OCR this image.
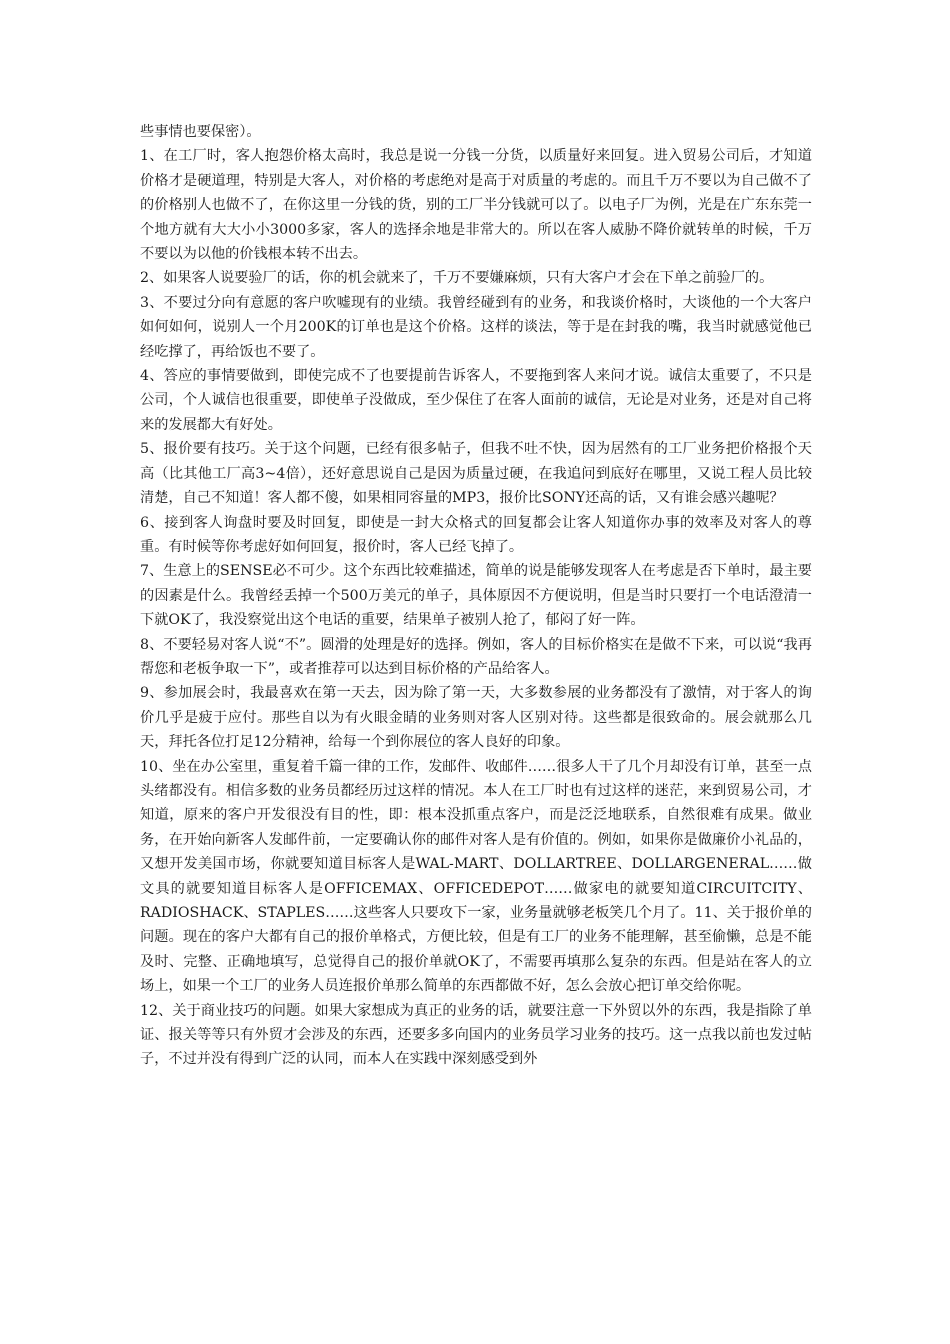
些事情也要保密）。

1、在工厂时，客人抱怨价格太高时，我总是说一分钱一分货，以质量好来回复。进入贸易公司后，才知道价格才是硬道理，特别是大客人，对价格的考虑绝对是高于对质量的考虑的。而且千万不要以为自己做不了的价格别人也做不了，在你这里一分钱的货，别的工厂半分钱就可以了。以电子厂为例，光是在广东东莞一个地方就有大大小小3000多家，客人的选择余地是非常大的。所以在客人威胁不降价就转单的时候，千万不要以为以他的价钱根本转不出去。

2、如果客人说要验厂的话，你的机会就来了，千万不要嫌麻烦，只有大客户才会在下单之前验厂的。

3、不要过分向有意愿的客户吹嘘现有的业绩。我曾经碰到有的业务，和我谈价格时，大谈他的一个大客户如何如何，说别人一个月200K的订单也是这个价格。这样的谈法，等于是在封我的嘴，我当时就感觉他已经吃撑了，再给饭也不要了。

4、答应的事情要做到，即使完成不了也要提前告诉客人，不要拖到客人来问才说。诚信太重要了，不只是公司，个人诚信也很重要，即使单子没做成，至少保住了在客人面前的诚信，无论是对业务，还是对自己将来的发展都大有好处。

5、报价要有技巧。关于这个问题，已经有很多帖子，但我不吐不快，因为居然有的工厂业务把价格报个天高（比其他工厂高3~4倍），还好意思说自己是因为质量过硬，在我追问到底好在哪里，又说工程人员比较清楚，自己不知道！客人都不傻，如果相同容量的MP3，报价比SONY还高的话，又有谁会感兴趣呢？

6、接到客人询盘时要及时回复，即使是一封大众格式的回复都会让客人知道你办事的效率及对客人的尊重。有时候等你考虑好如何回复，报价时，客人已经飞掉了。

7、生意上的SENSE必不可少。这个东西比较难描述，简单的说是能够发现客人在考虑是否下单时，最主要的因素是什么。我曾经丢掉一个500万美元的单子，具体原因不方便说明，但是当时只要打一个电话澄清一下就OK了，我没察觉出这个电话的重要，结果单子被别人抢了，郁闷了好一阵。

8、不要轻易对客人说“不”。圆滑的处理是好的选择。例如，客人的目标价格实在是做不下来，可以说“我再帮您和老板争取一下”，或者推荐可以达到目标价格的产品给客人。

9、参加展会时，我最喜欢在第一天去，因为除了第一天，大多数参展的业务都没有了激情，对于客人的询价几乎是疲于应付。那些自以为有火眼金睛的业务则对客人区别对待。这些都是很致命的。展会就那么几天，拜托各位打足12分精神，给每一个到你展位的客人良好的印象。

10、坐在办公室里，重复着千篇一律的工作，发邮件、收邮件……很多人干了几个月却没有订单，甚至一点头绪都没有。相信多数的业务员都经历过这样的情况。本人在工厂时也有过这样的迷茫，来到贸易公司，才知道，原来的客户开发很没有目的性，即：根本没抓重点客户，而是泛泛地联系，自然很难有成果。做业务，在开始向新客人发邮件前，一定要确认你的邮件对客人是有价值的。例如，如果你是做廉价小礼品的，又想开发美国市场，你就要知道目标客人是WAL-MART、DOLLARTREE、DOLLARGENERAL……做文具的就要知道目标客人是OFFICEMAX、OFFICEDEPOT……做家电的就要知道CIRCUITCITY、RADIOSHACK、STAPLES……这些客人只要攻下一家，业务量就够老板笑几个月了。11、关于报价单的问题。现在的客户大都有自己的报价单格式，方便比较，但是有工厂的业务不能理解，甚至偷懒，总是不能及时、完整、正确地填写，总觉得自己的报价单就OK了，不需要再填那么复杂的东西。但是站在客人的立场上，如果一个工厂的业务人员连报价单那么简单的东西都做不好，怎么会放心把订单交给你呢。

12、关于商业技巧的问题。如果大家想成为真正的业务的话，就要注意一下外贸以外的东西，我是指除了单证、报关等等只有外贸才会涉及的东西，还要多多向国内的业务员学习业务的技巧。这一点我以前也发过帖子，不过并没有得到广泛的认同，而本人在实践中深刻感受到外
